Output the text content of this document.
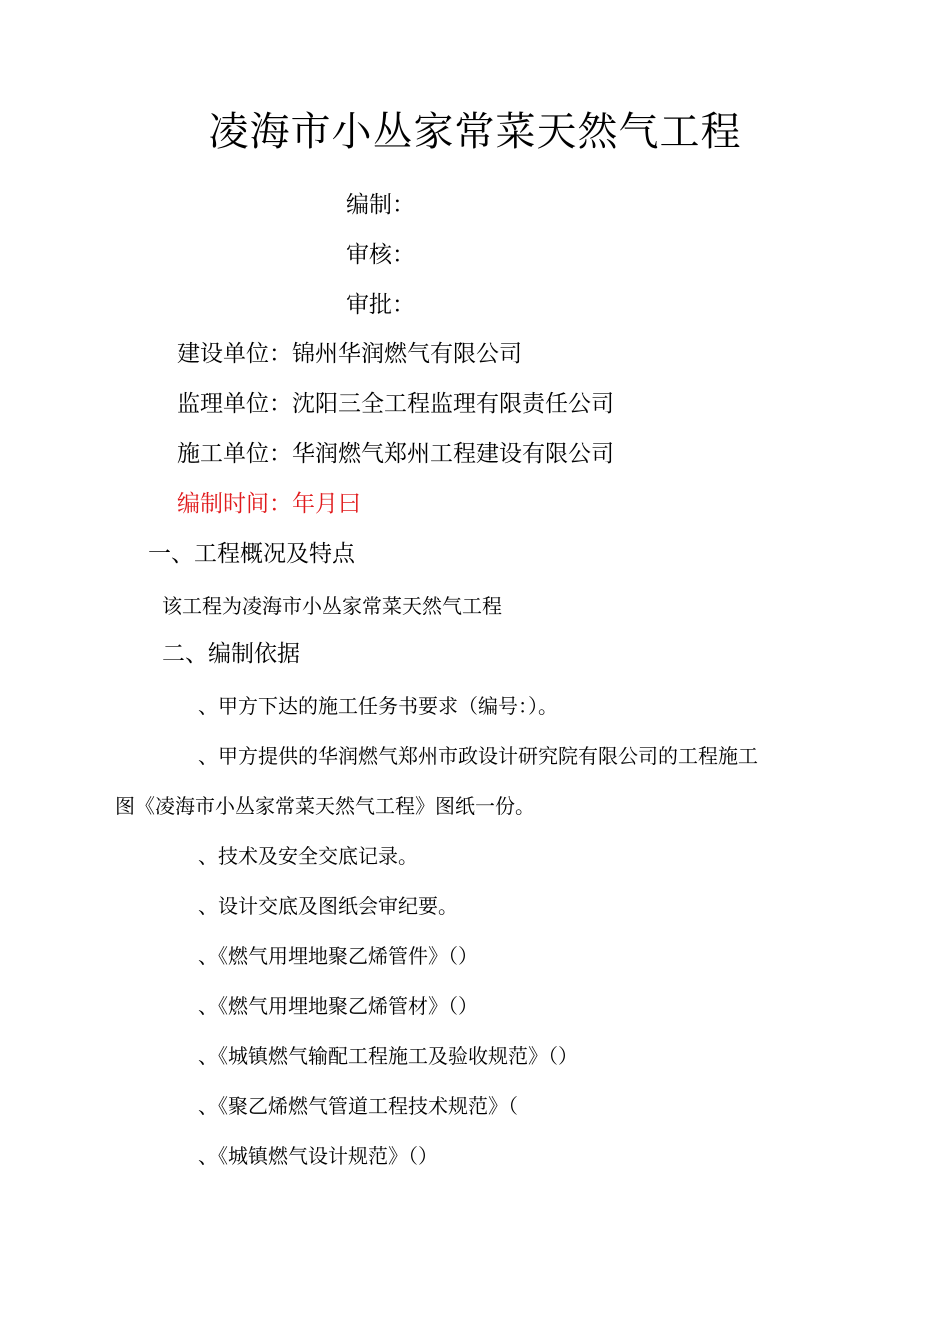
凌海市小丛家常菜天然气工程
编制：
审核：
审批：
建设单位：锦州华润燃气有限公司
监理单位：沈阳三全工程监理有限责任公司
施工单位：华润燃气郑州工程建设有限公司
编制时间：年月曰
一、工程概况及特点
该工程为凌海市小丛家常菜天然气工程
二、编制依据
、甲方下达的施工任务书要求（编号：）。
、甲方提供的华润燃气郑州市政设计研究院有限公司的工程施工
图《凌海市小丛家常菜天然气工程》图纸一份。
、技术及安全交底记录。
、设计交底及图纸会审纪要。
、《燃气用埋地聚乙烯管件》（）
、《燃气用埋地聚乙烯管材》（）
、《城镇燃气输配工程施工及验收规范》（）
、《聚乙烯燃气管道工程技术规范》（
、《城镇燃气设计规范》（）
